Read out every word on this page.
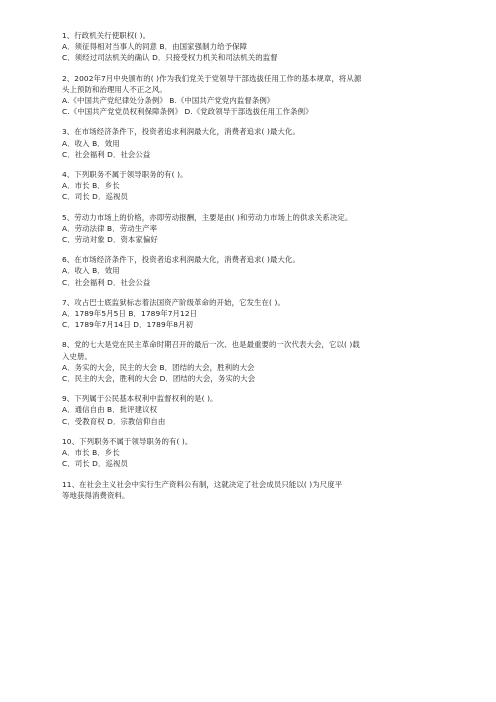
1、行政机关行使职权( )。
A．须征得相对当事人的同意 B．由国家强制力给予保障
C．须经过司法机关的确认 D．只接受权力机关和司法机关的监督
2、2002年7月中央颁布的( )作为我们党关于党领导干部选拔任用工作的基本规章，将从源
头上预防和治理用人不正之风。
A.《中国共产党纪律处分条例》 B.《中国共产党党内监督条例》
C.《中国共产党党员权利保障条例》 D.《党政领导干部选拔任用工作条例》
3、在市场经济条件下，投资者追求利润最大化，消费者追求( )最大化。
A．收入 B．效用
C．社会福利 D．社会公益
4、下列职务不属于领导职务的有( )。
A．市长 B．乡长
C．司长 D．巡视员
5、劳动力市场上的价格，亦即劳动报酬，主要是由( )和劳动力市场上的供求关系决定。
A．劳动法律 B．劳动生产率
C．劳动对象 D．资本家偏好
6、在市场经济条件下，投资者追求利润最大化，消费者追求( )最大化。
A．收入 B．效用
C．社会福利 D．社会公益
7、攻占巴士底监狱标志着法国资产阶级革命的开始，它发生在( )。
A．1789年5月5日 B．1789年7月12日
C．1789年7月14日 D．1789年8月初
8、党的七大是党在民主革命时期召开的最后一次、也是最重要的一次代表大会，它以( )载
入史册。
A．务实的大会，民主的大会 B．团结的大会，胜利的大会
C．民主的大会，胜利的大会 D．团结的大会，务实的大会
9、下列属于公民基本权利中监督权利的是( )。
A．通信自由 B．批评建议权
C．受教育权 D．宗教信仰自由
10、下列职务不属于领导职务的有( )。
A．市长 B．乡长
C．司长 D．巡视员
11、在社会主义社会中实行生产资料公有制，这就决定了社会成员只能以( )为尺度平
等地获得消费资料。
